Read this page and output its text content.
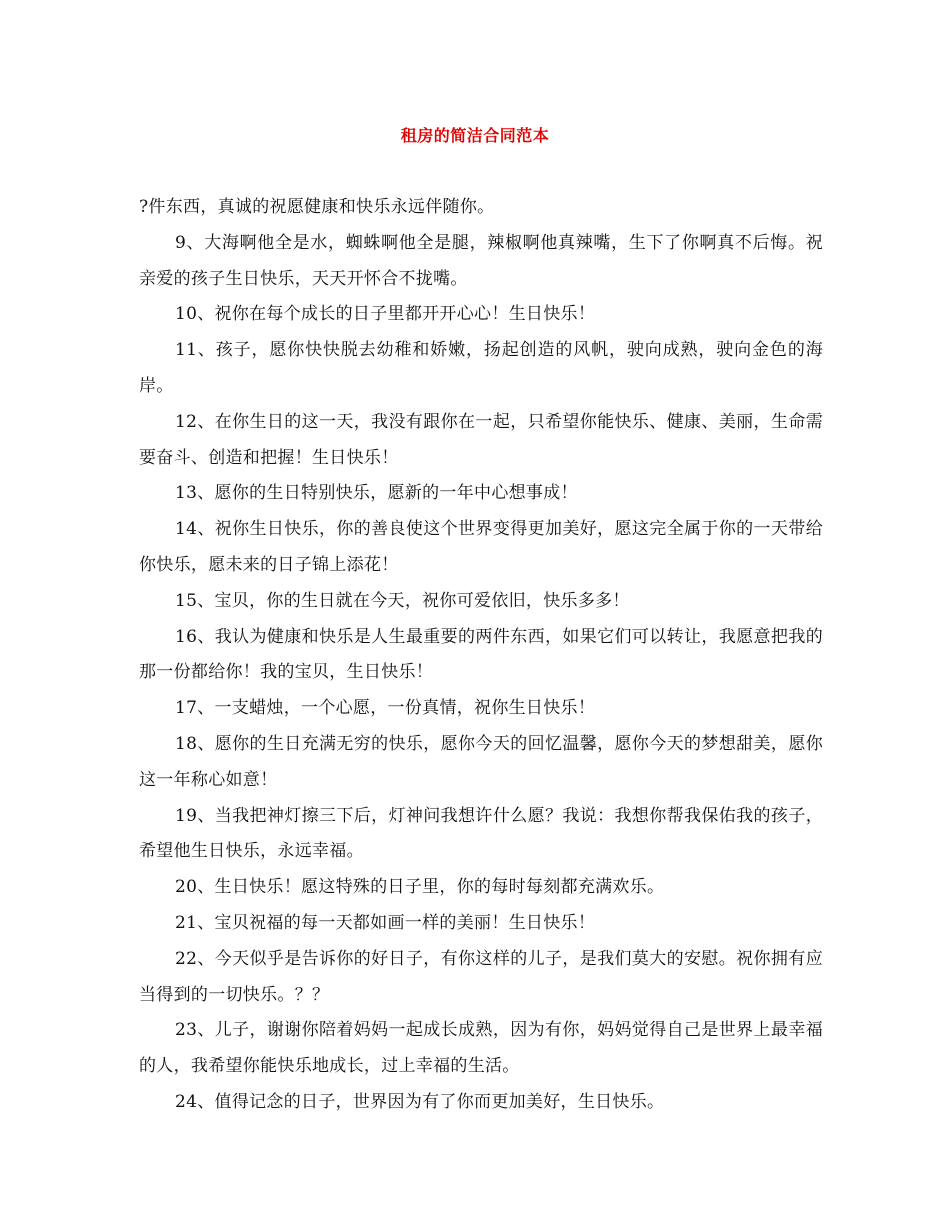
租房的简洁合同范本

?件东西，真诚的祝愿健康和快乐永远伴随你。

9、大海啊他全是水，蜘蛛啊他全是腿，辣椒啊他真辣嘴，生下了你啊真不后悔。祝亲爱的孩子生日快乐，天天开怀合不拢嘴。

10、祝你在每个成长的日子里都开开心心！生日快乐！

11、孩子，愿你快快脱去幼稚和娇嫩，扬起创造的风帆，驶向成熟，驶向金色的海岸。

12、在你生日的这一天，我没有跟你在一起，只希望你能快乐、健康、美丽，生命需要奋斗、创造和把握！生日快乐！

13、愿你的生日特别快乐，愿新的一年中心想事成！

14、祝你生日快乐，你的善良使这个世界变得更加美好，愿这完全属于你的一天带给你快乐，愿未来的日子锦上添花！

15、宝贝，你的生日就在今天，祝你可爱依旧，快乐多多！

16、我认为健康和快乐是人生最重要的两件东西，如果它们可以转让，我愿意把我的那一份都给你！我的宝贝，生日快乐！

17、一支蜡烛，一个心愿，一份真情，祝你生日快乐！

18、愿你的生日充满无穷的快乐，愿你今天的回忆温馨，愿你今天的梦想甜美，愿你这一年称心如意！

19、当我把神灯擦三下后，灯神问我想许什么愿？我说：我想你帮我保佑我的孩子，希望他生日快乐，永远幸福。

20、生日快乐！愿这特殊的日子里，你的每时每刻都充满欢乐。

21、宝贝祝福的每一天都如画一样的美丽！生日快乐！

22、今天似乎是告诉你的好日子，有你这样的儿子，是我们莫大的安慰。祝你拥有应当得到的一切快乐。？？

23、儿子，谢谢你陪着妈妈一起成长成熟，因为有你，妈妈觉得自己是世界上最幸福的人，我希望你能快乐地成长，过上幸福的生活。

24、值得记念的日子，世界因为有了你而更加美好，生日快乐。
